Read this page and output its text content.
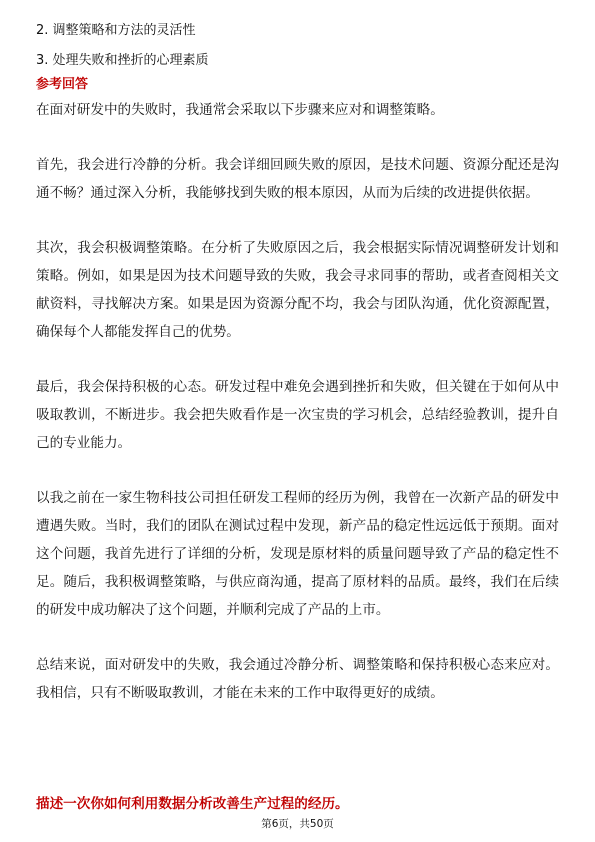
2. 调整策略和方法的灵活性
3. 处理失败和挫折的心理素质
参考回答

在面对研发中的失败时，我通常会采取以下步骤来应对和调整策略。

首先，我会进行冷静的分析。我会详细回顾失败的原因，是技术问题、资源分配还是沟通不畅？通过深入分析，我能够找到失败的根本原因，从而为后续的改进提供依据。

其次，我会积极调整策略。在分析了失败原因之后，我会根据实际情况调整研发计划和策略。例如，如果是因为技术问题导致的失败，我会寻求同事的帮助，或者查阅相关文献资料，寻找解决方案。如果是因为资源分配不均，我会与团队沟通，优化资源配置，确保每个人都能发挥自己的优势。

最后，我会保持积极的心态。研发过程中难免会遇到挫折和失败，但关键在于如何从中吸取教训，不断进步。我会把失败看作是一次宝贵的学习机会，总结经验教训，提升自己的专业能力。

以我之前在一家生物科技公司担任研发工程师的经历为例，我曾在一次新产品的研发中遭遇失败。当时，我们的团队在测试过程中发现，新产品的稳定性远远低于预期。面对这个问题，我首先进行了详细的分析，发现是原材料的质量问题导致了产品的稳定性不足。随后，我积极调整策略，与供应商沟通，提高了原材料的品质。最终，我们在后续的研发中成功解决了这个问题，并顺利完成了产品的上市。

总结来说，面对研发中的失败，我会通过冷静分析、调整策略和保持积极心态来应对。我相信，只有不断吸取教训，才能在未来的工作中取得更好的成绩。

描述一次你如何利用数据分析改善生产过程的经历。
第6页，共50页
